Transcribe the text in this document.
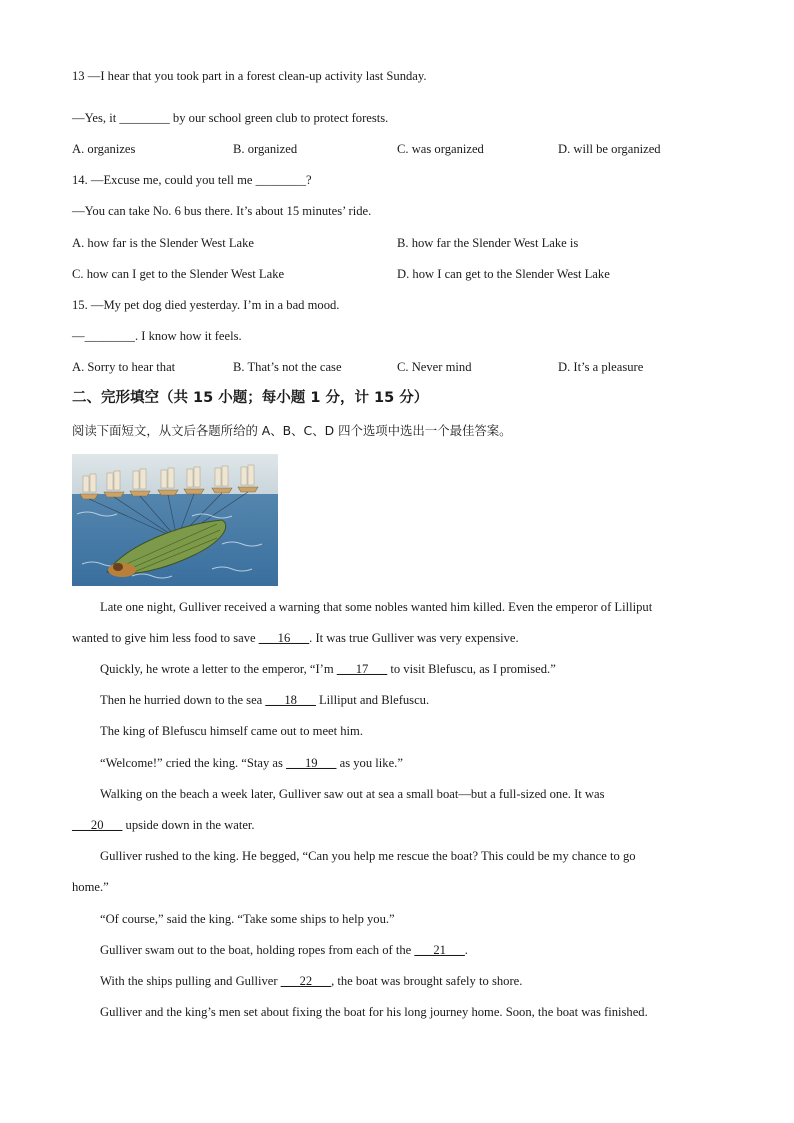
13 —I hear that you took part in a forest clean-up activity last Sunday.
—Yes, it ________ by our school green club to protect forests.
A. organizes	B. organized	C. was organized	D. will be organized
14. —Excuse me, could you tell me ________?
—You can take No. 6 bus there. It’s about 15 minutes’ ride.
A. how far is the Slender West Lake	B. how far the Slender West Lake is
C. how can I get to the Slender West Lake	D. how I can get to the Slender West Lake
15. —My pet dog died yesterday. I’m in a bad mood.
—________. I know how it feels.
A. Sorry to hear that	B. That’s not the case	C. Never mind	D. It’s a pleasure
二、完形填空（共 15 小题；每小题 1 分，计 15 分）
阅读下面短文，从文后各题所给的 A、B、C、D 四个选项中选出一个最佳答案。
Late one night, Gulliver received a warning that some nobles wanted him killed. Even the emperor of Lilliput
wanted to give him less food to save ___16___. It was true Gulliver was very expensive.
Quickly, he wrote a letter to the emperor, “I’m ___17___ to visit Blefuscu, as I promised.”
Then he hurried down to the sea ___18___ Lilliput and Blefuscu.
The king of Blefuscu himself came out to meet him.
“Welcome!” cried the king. “Stay as ___19___ as you like.”
Walking on the beach a week later, Gulliver saw out at sea a small boat—but a full-sized one. It was
___20___ upside down in the water.
Gulliver rushed to the king. He begged, “Can you help me rescue the boat? This could be my chance to go
home.”
“Of course,” said the king. “Take some ships to help you.”
Gulliver swam out to the boat, holding ropes from each of the ___21___.
With the ships pulling and Gulliver ___22___, the boat was brought safely to shore.
Gulliver and the king’s men set about fixing the boat for his long journey home. Soon, the boat was finished.
